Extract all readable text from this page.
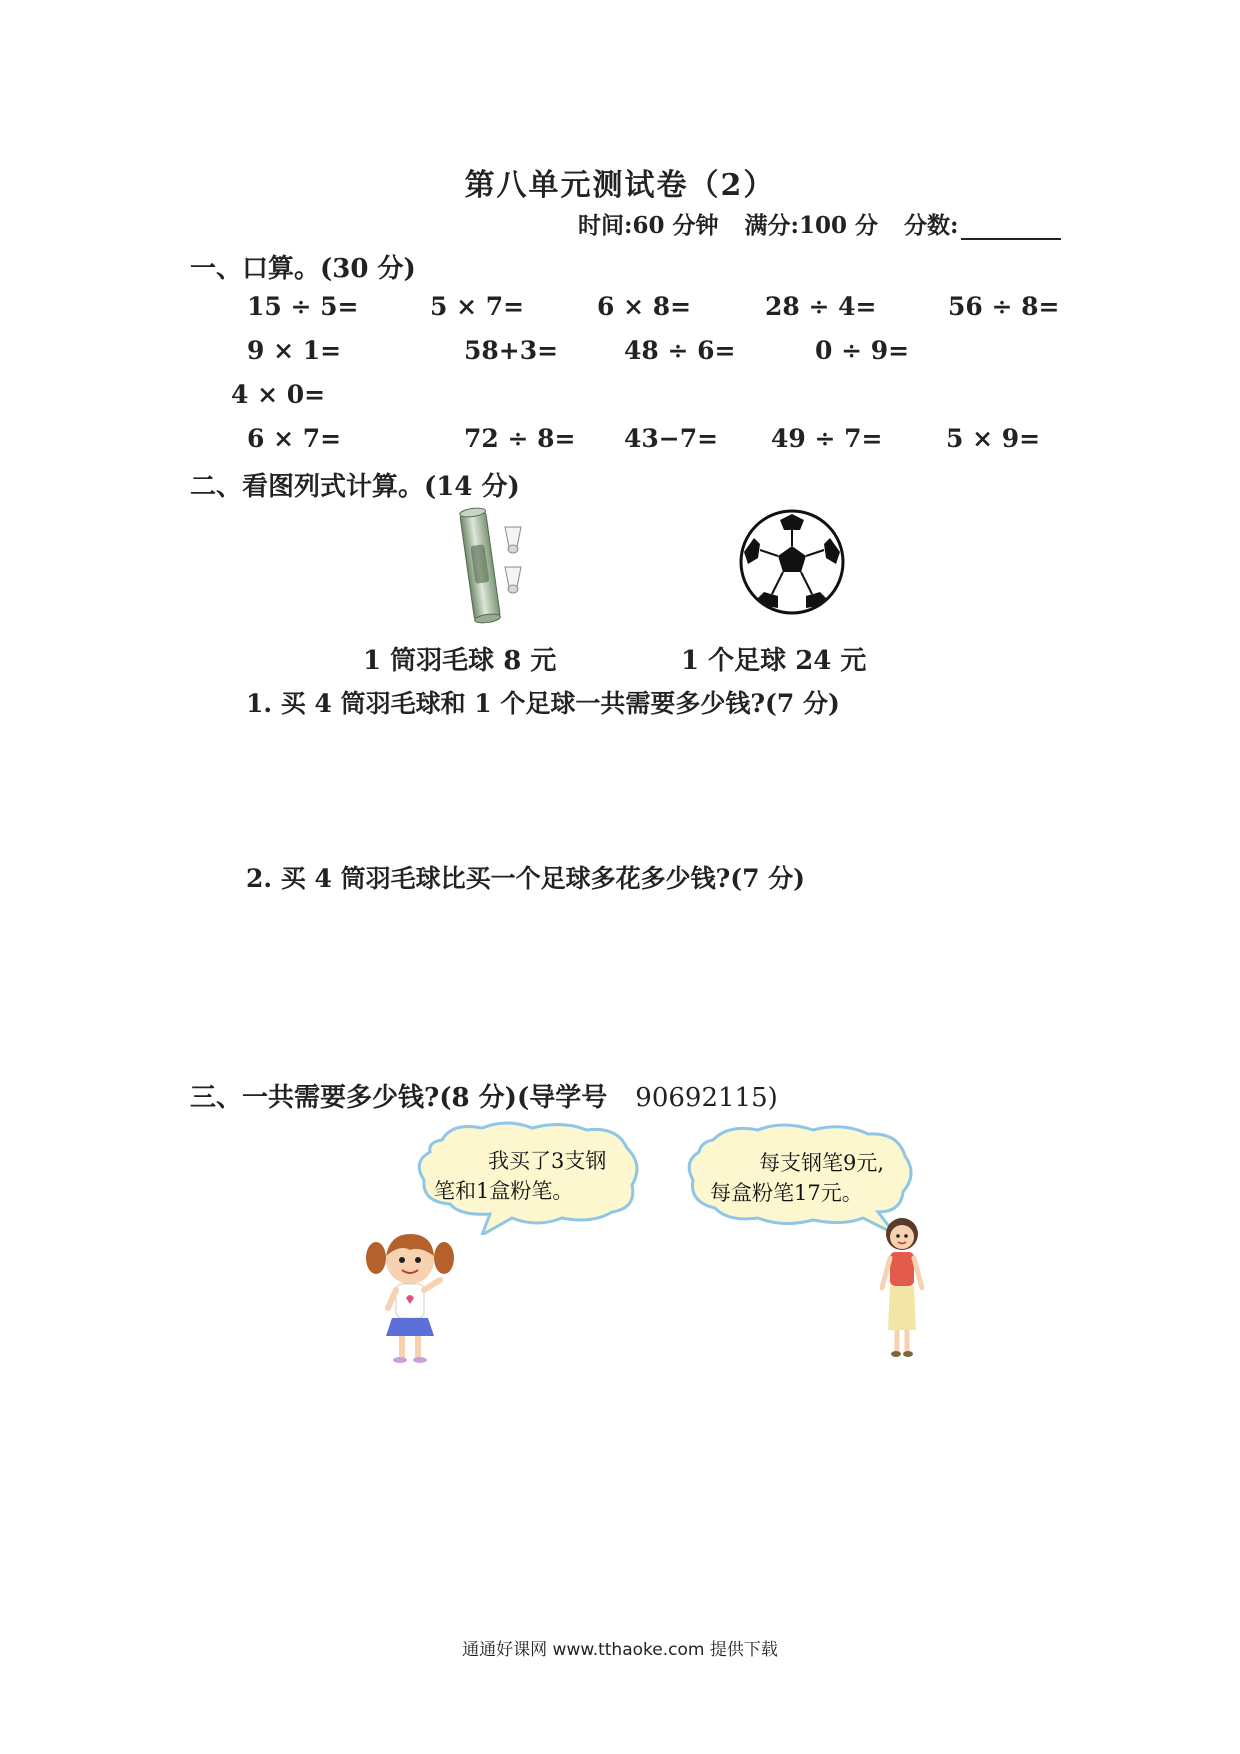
第八单元测试卷（2）
时间:60 分钟 满分:100 分 分数:
一、口算。(30 分)
15 ÷ 5=	5 × 7=	6 × 8=	28 ÷ 4=	56 ÷ 8=
9 × 1=	58+3=	48 ÷ 6=	0 ÷ 9=
4 × 0=
6 × 7=	72 ÷ 8= 43−7= 49 ÷ 7=	5 × 9=
二、看图列式计算。(14 分)
1 筒羽毛球 8 元	1 个足球 24 元
1. 买 4 筒羽毛球和 1 个足球一共需要多少钱?(7 分)
2. 买 4 筒羽毛球比买一个足球多花多少钱?(7 分)
三、一共需要多少钱?(8 分)(导学号 90692115)
我买了3支钢
笔和1盒粉笔。
每支钢笔9元,
每盒粉笔17元。
通通好课网 www.tthaoke.com 提供下载
